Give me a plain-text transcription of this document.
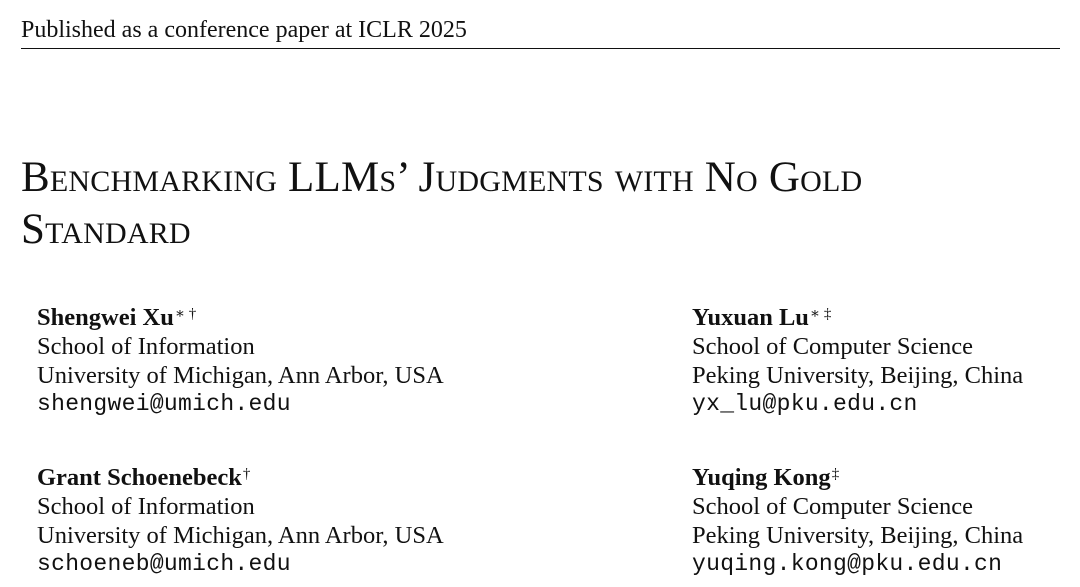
Published as a conference paper at ICLR 2025
Benchmarking LLMs’ Judgments with No Gold
Standard
Shengwei Xu∗ †
School of Information
University of Michigan, Ann Arbor, USA
shengwei@umich.edu
Yuxuan Lu∗ ‡
School of Computer Science
Peking University, Beijing, China
yx_lu@pku.edu.cn
Grant Schoenebeck†
School of Information
University of Michigan, Ann Arbor, USA
schoeneb@umich.edu
Yuqing Kong‡
School of Computer Science
Peking University, Beijing, China
yuqing.kong@pku.edu.cn
